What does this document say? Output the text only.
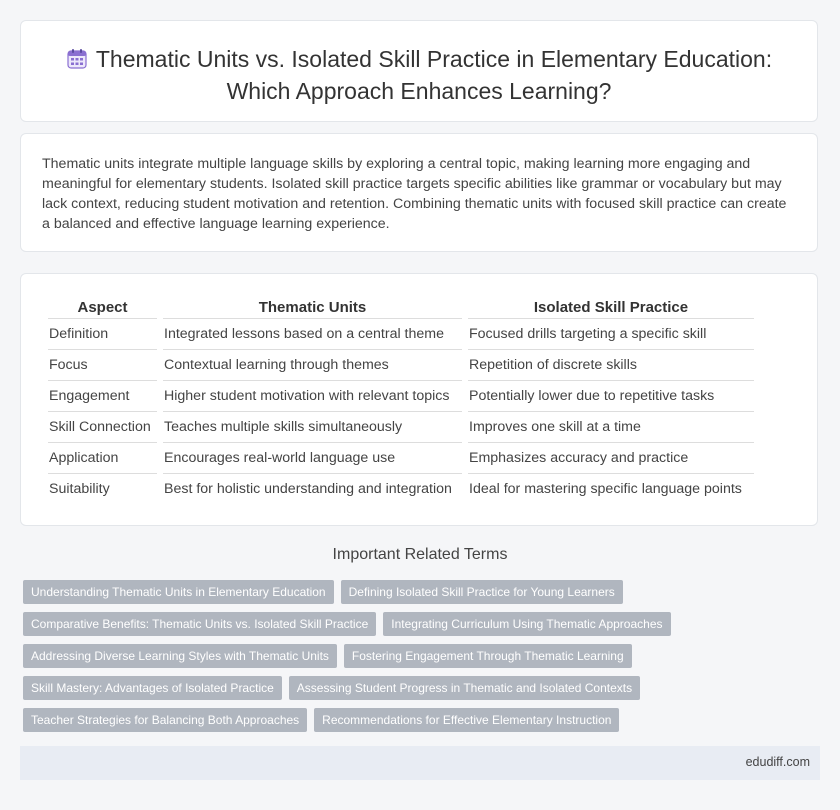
Thematic Units vs. Isolated Skill Practice in Elementary Education: Which Approach Enhances Learning?
Thematic units integrate multiple language skills by exploring a central topic, making learning more engaging and meaningful for elementary students. Isolated skill practice targets specific abilities like grammar or vocabulary but may lack context, reducing student motivation and retention. Combining thematic units with focused skill practice can create a balanced and effective language learning experience.
Aspect	Thematic Units	Isolated Skill Practice
Definition	Integrated lessons based on a central theme	Focused drills targeting a specific skill
Focus	Contextual learning through themes	Repetition of discrete skills
Engagement	Higher student motivation with relevant topics	Potentially lower due to repetitive tasks
Skill Connection	Teaches multiple skills simultaneously	Improves one skill at a time
Application	Encourages real-world language use	Emphasizes accuracy and practice
Suitability	Best for holistic understanding and integration	Ideal for mastering specific language points
Important Related Terms
Understanding Thematic Units in Elementary Education Defining Isolated Skill Practice for Young Learners
Comparative Benefits: Thematic Units vs. Isolated Skill Practice Integrating Curriculum Using Thematic Approaches
Addressing Diverse Learning Styles with Thematic Units Fostering Engagement Through Thematic Learning
Skill Mastery: Advantages of Isolated Practice Assessing Student Progress in Thematic and Isolated Contexts
Teacher Strategies for Balancing Both Approaches Recommendations for Effective Elementary Instruction
edudiff.com
